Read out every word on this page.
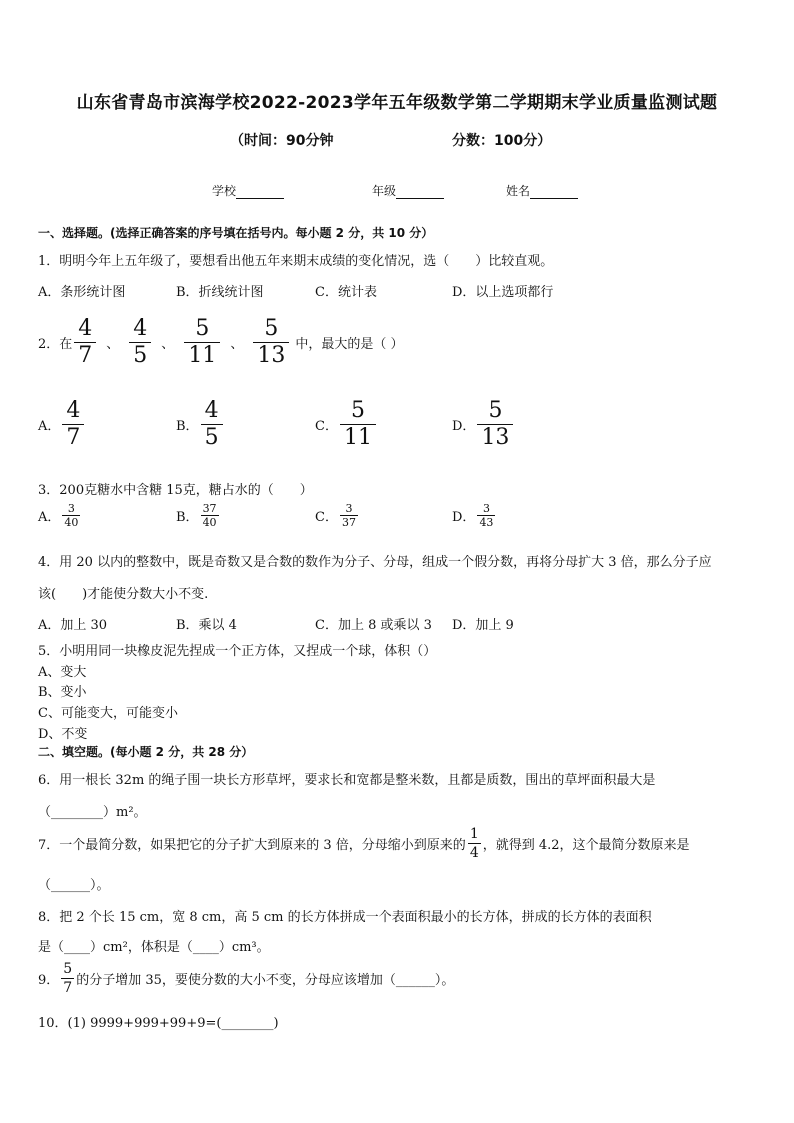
山东省青岛市滨海学校2022-2023学年五年级数学第二学期期末学业质量监测试题
（时间：90分钟	分数：100分）
学校	年级	姓名
一、选择题。(选择正确答案的序号填在括号内。每小题 2 分，共 10 分）
1．明明今年上五年级了，要想看出他五年来期末成绩的变化情况，选（　　）比较直观。
A．条形统计图	B．折线统计图	C．统计表	D．以上选项都行
2．在 $\frac{4}{7}$ 、 $\frac{4}{5}$ 、 $\frac{5}{11}$ 、 $\frac{5}{13}$ 中，最大的是（ ）
A． $\frac{4}{7}$	B． $\frac{4}{5}$	C． $\frac{5}{11}$	D． $\frac{5}{13}$
3．200克糖水中含糖 15克，糖占水的（　　）
A． $\frac{3}{40}$	B． $\frac{37}{40}$	C． $\frac{3}{37}$	D． $\frac{3}{43}$
4．用 20 以内的整数中，既是奇数又是合数的数作为分子、分母，组成一个假分数，再将分母扩大 3 倍，那么分子应
该(　　)才能使分数大小不变.
A．加上 30	B．乘以 4	C．加上 8 或乘以 3 D．加上 9
5．小明用同一块橡皮泥先捏成一个正方体，又捏成一个球，体积（）
A、变大
B、变小
C、可能变大，可能变小
D、不变
二、填空题。(每小题 2 分，共 28 分）
6．用一根长 32m 的绳子围一块长方形草坪，要求长和宽都是整米数，且都是质数，围出的草坪面积最大是
（________）m²。
7．一个最简分数，如果把它的分子扩大到原来的 3 倍，分母缩小到原来的 $\frac{1}{4}$ ，就得到 4.2，这个最简分数原来是
（______）。
8．把 2 个长 15 cm，宽 8 cm，高 5 cm 的长方体拼成一个表面积最小的长方体，拼成的长方体的表面积
是（____）cm²，体积是（____）cm³。
9． $\frac{5}{7}$ 的分子增加 35，要使分数的大小不变，分母应该增加（______）。
10．(1) 9999+999+99+9=(________)
